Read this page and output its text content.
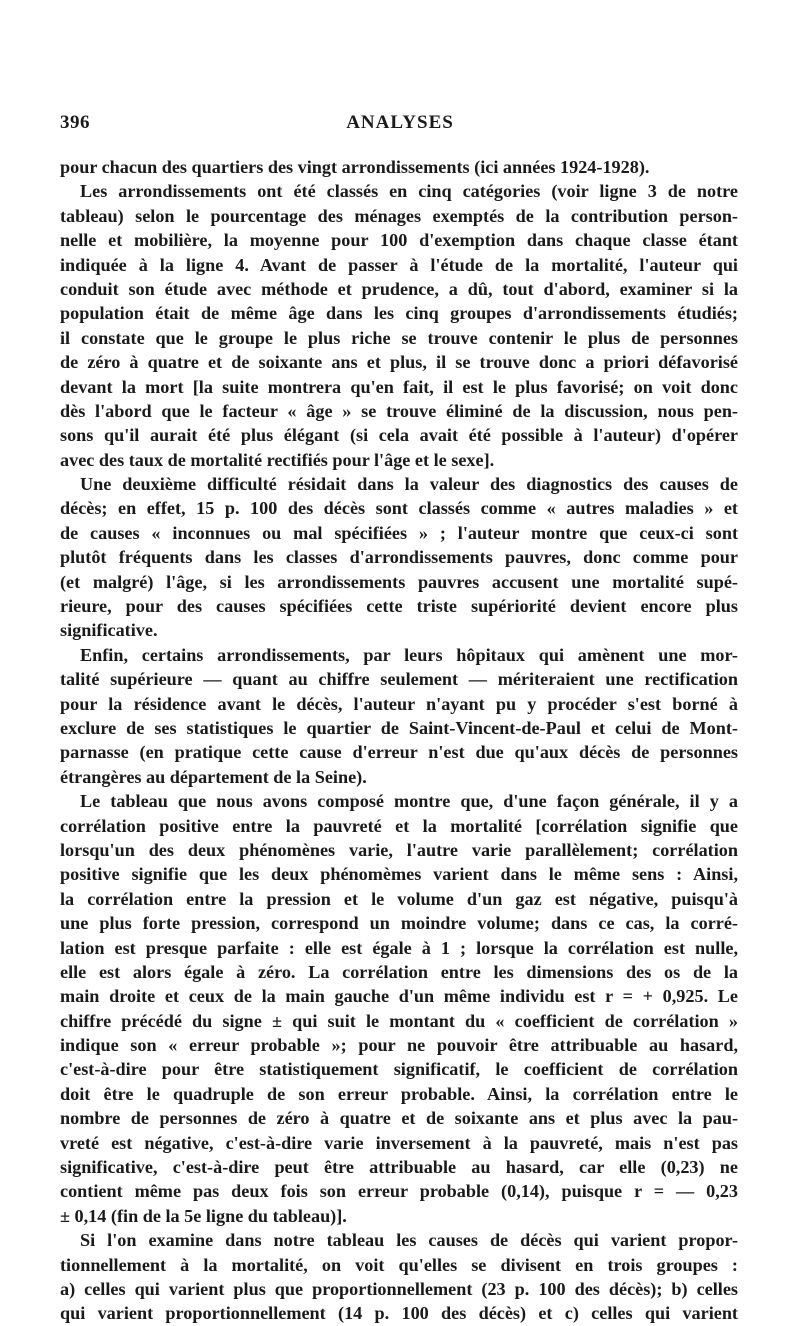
396	ANALYSES
pour chacun des quartiers des vingt arrondissements (ici années 1924-1928).
Les arrondissements ont été classés en cinq catégories (voir ligne 3 de notre
tableau) selon le pourcentage des ménages exemptés de la contribution person-
nelle et mobilière, la moyenne pour 100 d'exemption dans chaque classe étant
indiquée à la ligne 4. Avant de passer à l'étude de la mortalité, l'auteur qui
conduit son étude avec méthode et prudence, a dû, tout d'abord, examiner si la
population était de même âge dans les cinq groupes d'arrondissements étudiés;
il constate que le groupe le plus riche se trouve contenir le plus de personnes
de zéro à quatre et de soixante ans et plus, il se trouve donc a priori défavorisé
devant la mort [la suite montrera qu'en fait, il est le plus favorisé; on voit donc
dès l'abord que le facteur « âge » se trouve éliminé de la discussion, nous pen-
sons qu'il aurait été plus élégant (si cela avait été possible à l'auteur) d'opérer
avec des taux de mortalité rectifiés pour l'âge et le sexe].
Une deuxième difficulté résidait dans la valeur des diagnostics des causes de
décès; en effet, 15 p. 100 des décès sont classés comme « autres maladies » et
de causes « inconnues ou mal spécifiées » ; l'auteur montre que ceux-ci sont
plutôt fréquents dans les classes d'arrondissements pauvres, donc comme pour
(et malgré) l'âge, si les arrondissements pauvres accusent une mortalité supé-
rieure, pour des causes spécifiées cette triste supériorité devient encore plus
significative.
Enfin, certains arrondissements, par leurs hôpitaux qui amènent une mor-
talité supérieure — quant au chiffre seulement — mériteraient une rectification
pour la résidence avant le décès, l'auteur n'ayant pu y procéder s'est borné à
exclure de ses statistiques le quartier de Saint-Vincent-de-Paul et celui de Mont-
parnasse (en pratique cette cause d'erreur n'est due qu'aux décès de personnes
étrangères au département de la Seine).
Le tableau que nous avons composé montre que, d'une façon générale, il y a
corrélation positive entre la pauvreté et la mortalité [corrélation signifie que
lorsqu'un des deux phénomènes varie, l'autre varie parallèlement; corrélation
positive signifie que les deux phénomèmes varient dans le même sens : Ainsi,
la corrélation entre la pression et le volume d'un gaz est négative, puisqu'à
une plus forte pression, correspond un moindre volume; dans ce cas, la corré-
lation est presque parfaite : elle est égale à 1 ; lorsque la corrélation est nulle,
elle est alors égale à zéro. La corrélation entre les dimensions des os de la
main droite et ceux de la main gauche d'un même individu est r = + 0,925. Le
chiffre précédé du signe ± qui suit le montant du « coefficient de corrélation »
indique son « erreur probable »; pour ne pouvoir être attribuable au hasard,
c'est-à-dire pour être statistiquement significatif, le coefficient de corrélation
doit être le quadruple de son erreur probable. Ainsi, la corrélation entre le
nombre de personnes de zéro à quatre et de soixante ans et plus avec la pau-
vreté est négative, c'est-à-dire varie inversement à la pauvreté, mais n'est pas
significative, c'est-à-dire peut être attribuable au hasard, car elle (0,23) ne
contient même pas deux fois son erreur probable (0,14), puisque r = — 0,23
± 0,14 (fin de la 5e ligne du tableau)].
Si l'on examine dans notre tableau les causes de décès qui varient propor-
tionnellement à la mortalité, on voit qu'elles se divisent en trois groupes :
a) celles qui varient plus que proportionnellement (23 p. 100 des décès); b) celles
qui varient proportionnellement (14 p. 100 des décès) et c) celles qui varient
